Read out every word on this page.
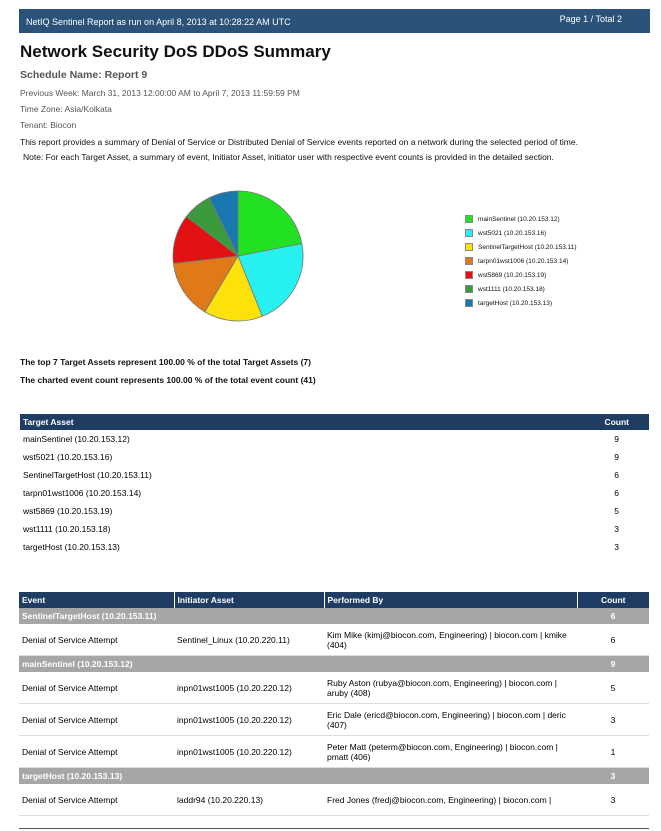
NetIQ Sentinel Report as run on April 8, 2013 at 10:28:22 AM UTC	Page 1 / Total 2
Network Security DoS DDoS Summary
Schedule Name: Report 9
Previous Week: March 31, 2013 12:00:00 AM to April 7, 2013 11:59:59 PM
Time Zone: Asia/Kolkata
Tenant: Biocon
This report provides a summary of Denial of Service or Distributed Denial of Service events reported on a network during the selected period of time.
Note: For each Target Asset, a summary of event, Initiator Asset, initiator user with respective event counts is provided in the detailed section.
mainSentinel (10.20.153.12)
wst5021 (10.20.153.16)
SentinelTargetHost (10.20.153.11)
tarpn01wst1006 (10.20.153.14)
wst5869 (10.20.153.19)
wst1111 (10.20.153.18)
targetHost (10.20.153.13)
The top 7 Target Assets represent 100.00 % of the total Target Assets (7)
The charted event count represents 100.00 % of the total event count (41)
Target Asset	Count
mainSentinel (10.20.153.12)	9
wst5021 (10.20.153.16)	9
SentinelTargetHost (10.20.153.11)	6
tarpn01wst1006 (10.20.153.14)	6
wst5869 (10.20.153.19)	5
wst1111 (10.20.153.18)	3
targetHost (10.20.153.13)	3
Event	Initiator Asset	Performed By	Count
SentinelTargetHost (10.20.153.11)			6
Denial of Service Attempt	Sentinel_Linux (10.20.220.11)	Kim Mike (kimj@biocon.com, Engineering) | biocon.com | kmike (404)	6
mainSentinel (10.20.153.12)			9
Denial of Service Attempt	inpn01wst1005 (10.20.220.12)	Ruby Aston (rubya@biocon.com, Engineering) | biocon.com | aruby (408)	5
Denial of Service Attempt	inpn01wst1005 (10.20.220.12)	Eric Dale (ericd@biocon.com, Engineering) | biocon.com | deric (407)	3
Denial of Service Attempt	inpn01wst1005 (10.20.220.12)	Peter Matt (peterm@biocon.com, Engineering) | biocon.com | pmatt (406)	1
targetHost (10.20.153.13)			3
Denial of Service Attempt	laddr94 (10.20.220.13)	Fred Jones (fredj@biocon.com, Engineering) | biocon.com |	3
